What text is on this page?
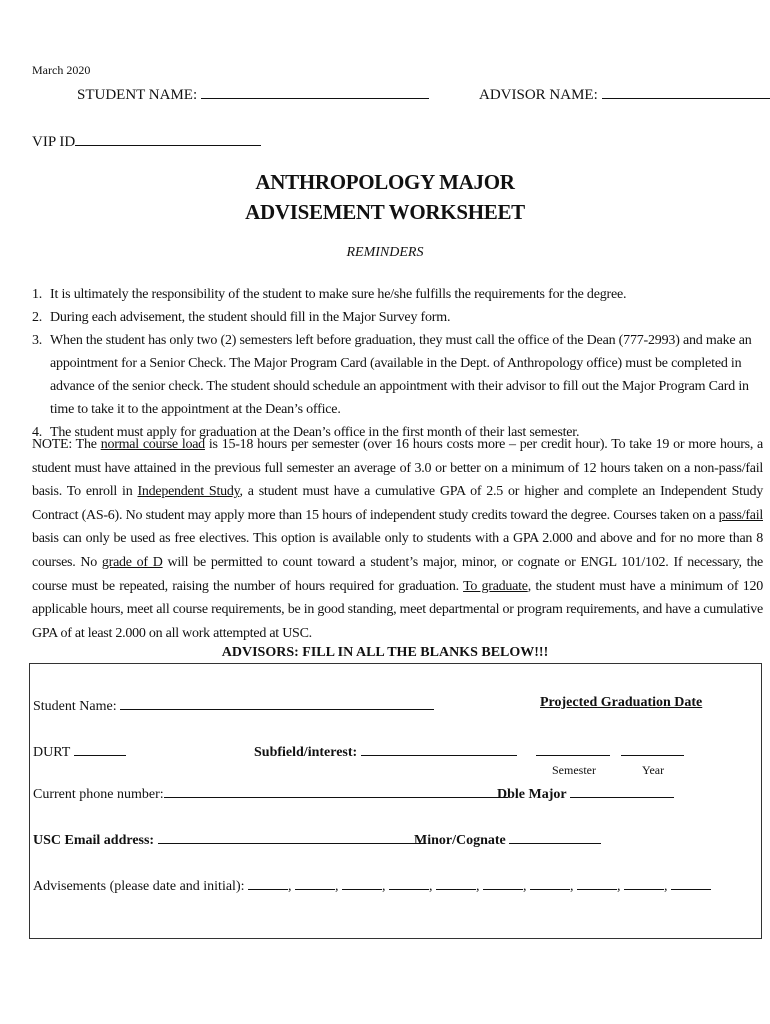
March 2020
STUDENT NAME:	ADVISOR NAME:
VIP ID
ANTHROPOLOGY MAJOR
ADVISEMENT WORKSHEET
REMINDERS
1. It is ultimately the responsibility of the student to make sure he/she fulfills the requirements for the degree.
2. During each advisement, the student should fill in the Major Survey form.
3. When the student has only two (2) semesters left before graduation, they must call the office of the Dean (777-2993) and make an appointment for a Senior Check. The Major Program Card (available in the Dept. of Anthropology office) must be completed in advance of the senior check. The student should schedule an appointment with their advisor to fill out the Major Program Card in time to take it to the appointment at the Dean’s office.
4. The student must apply for graduation at the Dean’s office in the first month of their last semester.
NOTE: The normal course load is 15-18 hours per semester (over 16 hours costs more – per credit hour). To take 19 or more hours, a student must have attained in the previous full semester an average of 3.0 or better on a minimum of 12 hours taken on a non-pass/fail basis. To enroll in Independent Study, a student must have a cumulative GPA of 2.5 or higher and complete an Independent Study Contract (AS-6). No student may apply more than 15 hours of independent study credits toward the degree. Courses taken on a pass/fail basis can only be used as free electives. This option is available only to students with a GPA 2.000 and above and for no more than 8 courses. No grade of D will be permitted to count toward a student’s major, minor, or cognate or ENGL 101/102. If necessary, the course must be repeated, raising the number of hours required for graduation. To graduate, the student must have a minimum of 120 applicable hours, meet all course requirements, be in good standing, meet departmental or program requirements, and have a cumulative GPA of at least 2.000 on all work attempted at USC.
ADVISORS: FILL IN ALL THE BLANKS BELOW!!!
Student Name:	Projected Graduation Date
DURT	Subfield/interest:
Semester	Year
Current phone number:	Dble Major
USC Email address:	Minor/Cognate
Advisements (please date and initial):	,	,	,	,	,	,	,	,	,
